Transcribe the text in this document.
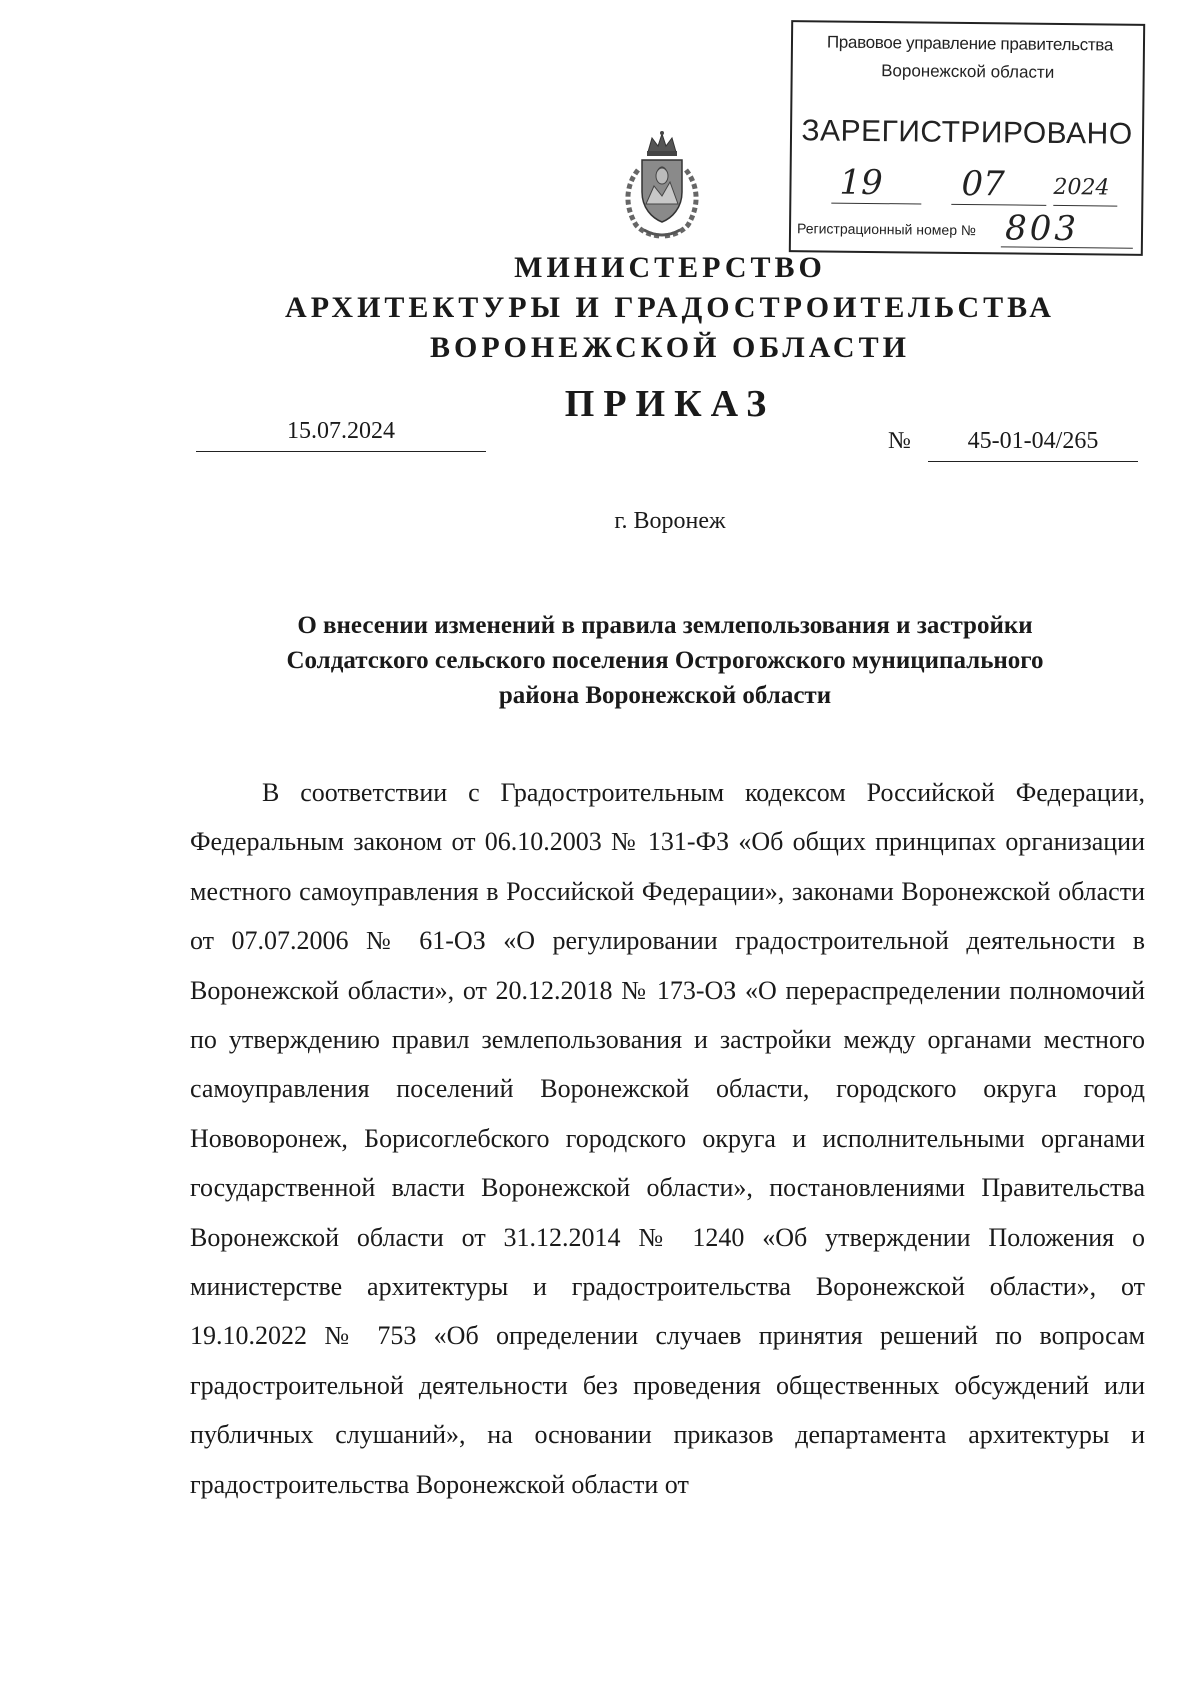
Правовое управление правительства
Воронежской области
ЗАРЕГИСТРИРОВАНО
19 07 2024
Регистрационный номер № 803
МИНИСТЕРСТВО
АРХИТЕКТУРЫ И ГРАДОСТРОИТЕЛЬСТВА
ВОРОНЕЖСКОЙ ОБЛАСТИ
ПРИКАЗ
15.07.2024	№	45-01-04/265
г. Воронеж
О внесении изменений в правила землепользования и застройки
Солдатского сельского поселения Острогожского муниципального
района Воронежской области

В соответствии с Градостроительным кодексом Российской Федерации, Федеральным законом от 06.10.2003 № 131-ФЗ «Об общих принципах организации местного самоуправления в Российской Федерации», законами Воронежской области от 07.07.2006 № 61-ОЗ «О регулировании градостроительной деятельности в Воронежской области», от 20.12.2018 № 173-ОЗ «О перераспределении полномочий по утверждению правил землепользования и застройки между органами местного самоуправления поселений Воронежской области, городского округа город Нововоронеж, Борисоглебского городского округа и исполнительными органами государственной власти Воронежской области», постановлениями Правительства Воронежской области от 31.12.2014 № 1240 «Об утверждении Положения о министерстве архитектуры и градостроительства Воронежской области», от 19.10.2022 № 753 «Об определении случаев принятия решений по вопросам градостроительной деятельности без проведения общественных обсуждений или публичных слушаний», на основании приказов департамента архитектуры и градостроительства Воронежской области от
